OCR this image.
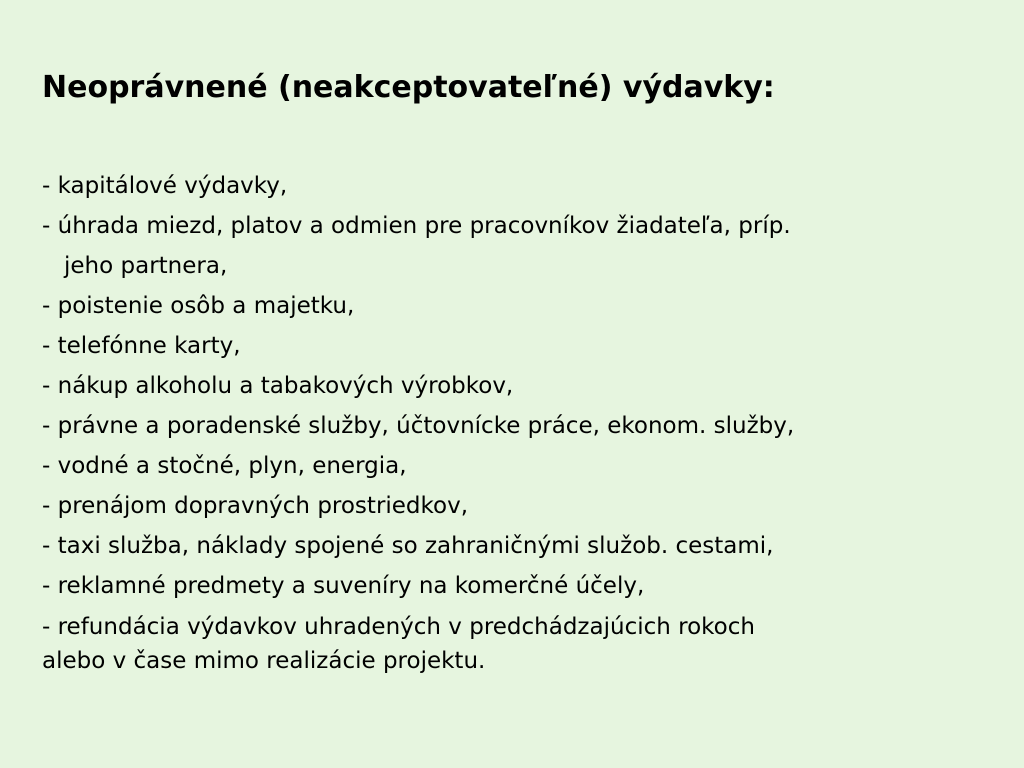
Neoprávnené (neakceptovateľné) výdavky:
- kapitálové výdavky,
- úhrada miezd, platov a odmien pre pracovníkov žiadateľa, príp.
jeho partnera,
- poistenie osôb a majetku,
- telefónne karty,
- nákup alkoholu a tabakových výrobkov,
- právne a poradenské služby, účtovnícke práce, ekonom. služby,
- vodné a stočné, plyn, energia,
- prenájom dopravných prostriedkov,
- taxi služba, náklady spojené so zahraničnými služob. cestami,
- reklamné predmety a suveníry na komerčné účely,
- refundácia výdavkov uhradených v predchádzajúcich rokoch
alebo v čase mimo realizácie projektu.
